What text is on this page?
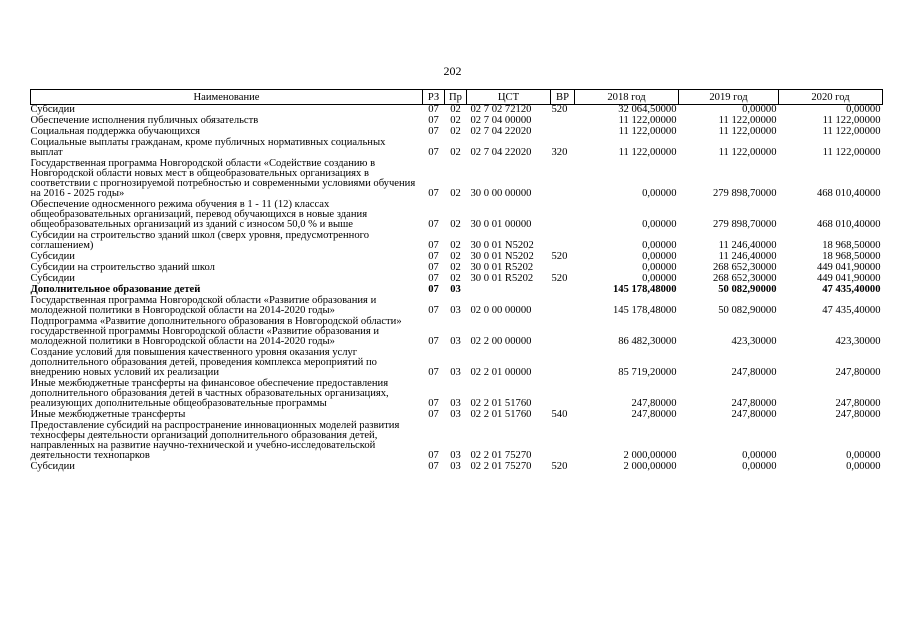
202
Наименование	РЗ	Пр	ЦСТ	ВР	2018 год	2019 год	2020 год
Субсидии	07	02	02 7 02 72120	520	32 064,50000	0,00000	0,00000
Обеспечение исполнения публичных обязательств	07	02	02 7 04 00000		11 122,00000	11 122,00000	11 122,00000
Социальная поддержка обучающихся	07	02	02 7 04 22020		11 122,00000	11 122,00000	11 122,00000
Социальные выплаты гражданам, кроме публичных нормативных социальных выплат	07	02	02 7 04 22020	320	11 122,00000	11 122,00000	11 122,00000
Государственная программа Новгородской области «Содействие созданию в Новгородской области новых мест в общеобразовательных организациях в соответствии с прогнозируемой потребностью и современными условиями обучения на 2016 - 2025 годы»	07	02	30 0 00 00000		0,00000	279 898,70000	468 010,40000
Обеспечение односменного режима обучения в 1 - 11 (12) классах общеобразовательных организаций, перевод обучающихся в новые здания общеобразовательных организаций из зданий с износом 50,0 % и выше	07	02	30 0 01 00000		0,00000	279 898,70000	468 010,40000
Субсидии на строительство зданий школ (сверх уровня, предусмотренного соглашением)	07	02	30 0 01 N5202		0,00000	11 246,40000	18 968,50000
Субсидии	07	02	30 0 01 N5202	520	0,00000	11 246,40000	18 968,50000
Субсидии на строительство зданий школ	07	02	30 0 01 R5202		0,00000	268 652,30000	449 041,90000
Субсидии	07	02	30 0 01 R5202	520	0,00000	268 652,30000	449 041,90000
Дополнительное образование детей	07	03			145 178,48000	50 082,90000	47 435,40000
Государственная программа Новгородской области «Развитие образования и молодежной политики в Новгородской области на 2014-2020 годы»	07	03	02 0 00 00000		145 178,48000	50 082,90000	47 435,40000
Подпрограмма «Развитие дополнительного образования в Новгородской области» государственной программы Новгородской области «Развитие образования и молодежной политики в Новгородской области на 2014-2020 годы»	07	03	02 2 00 00000		86 482,30000	423,30000	423,30000
Создание условий для повышения качественного уровня оказания услуг дополнительного образования детей, проведения комплекса мероприятий по внедрению новых условий их реализации	07	03	02 2 01 00000		85 719,20000	247,80000	247,80000
Иные межбюджетные трансферты на финансовое обеспечение предоставления дополнительного образования детей в частных образовательных организациях, реализующих дополнительные общеобразовательные программы	07	03	02 2 01 51760		247,80000	247,80000	247,80000
Иные межбюджетные трансферты	07	03	02 2 01 51760	540	247,80000	247,80000	247,80000
Предоставление субсидий на распространение инновационных моделей развития техносферы деятельности организаций дополнительного образования детей, направленных на развитие научно-технической и учебно-исследовательской деятельности технопарков	07	03	02 2 01 75270		2 000,00000	0,00000	0,00000
Субсидии	07	03	02 2 01 75270	520	2 000,00000	0,00000	0,00000
